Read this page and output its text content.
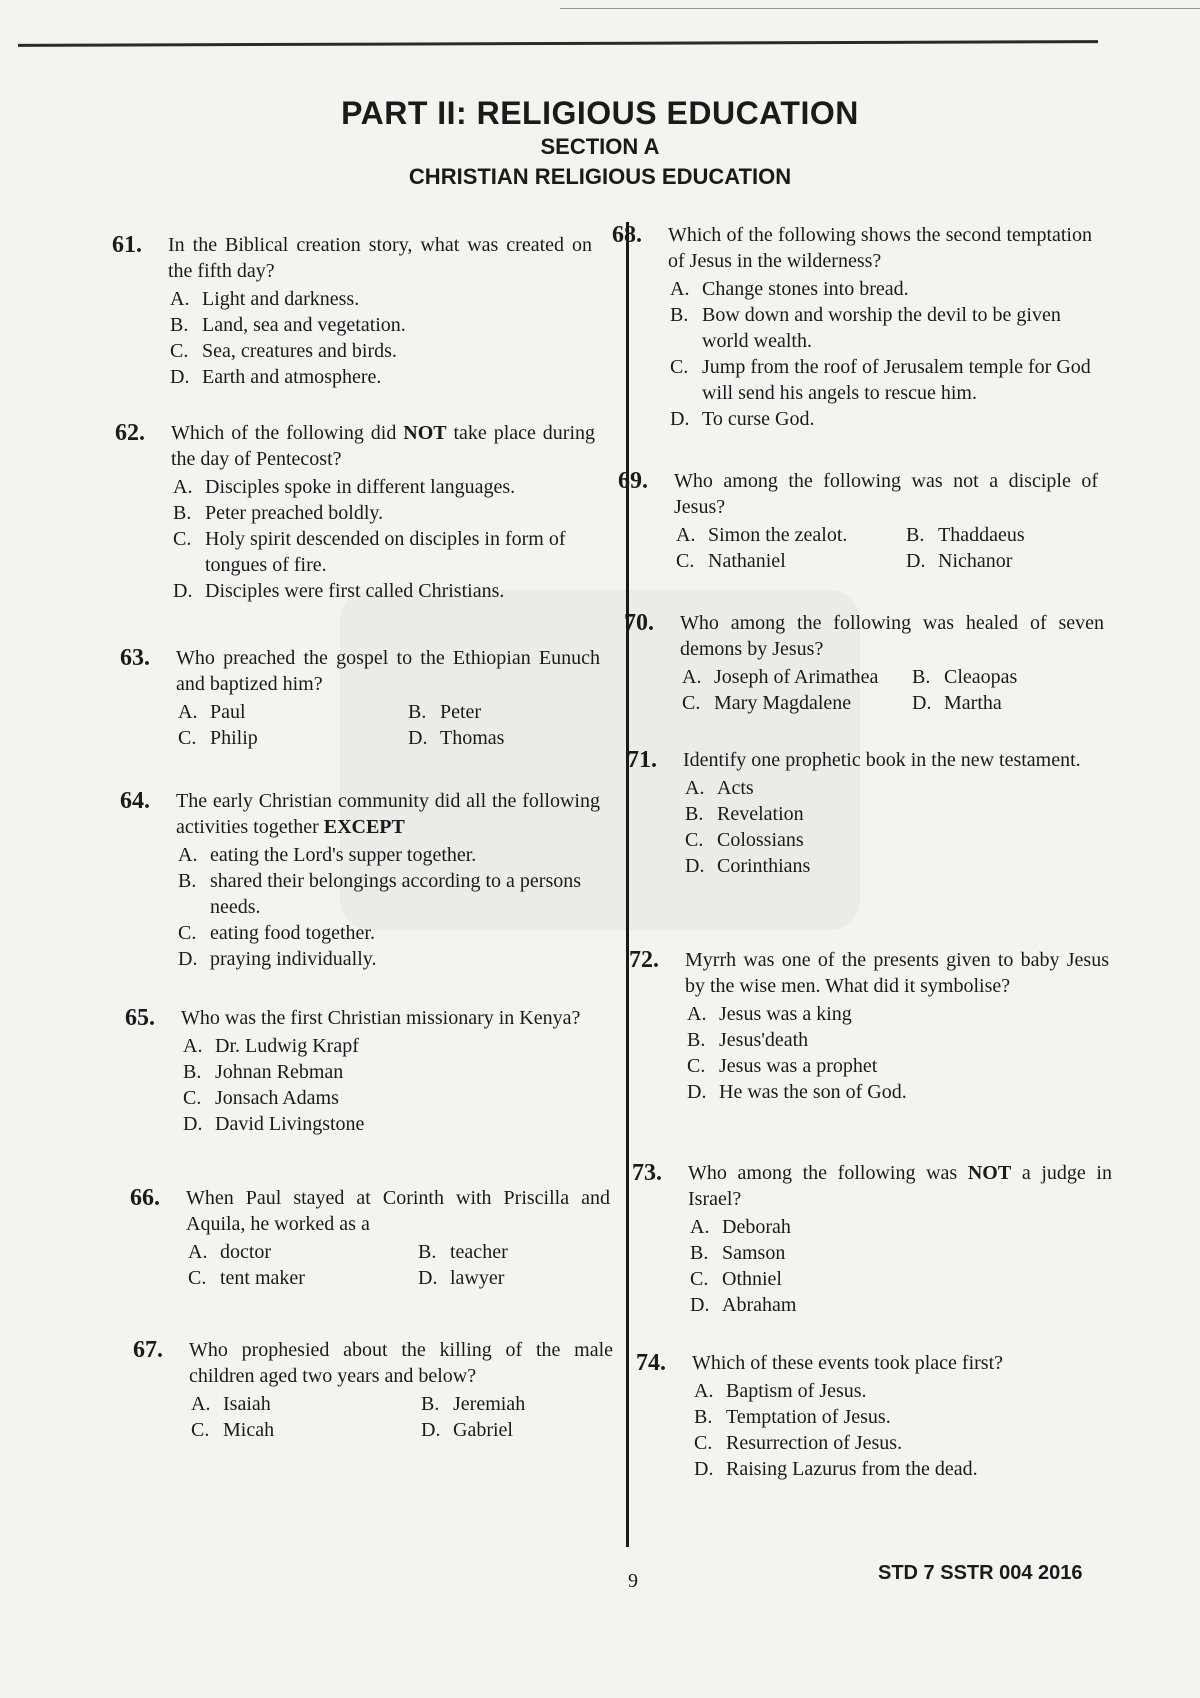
PART II: RELIGIOUS EDUCATION
SECTION A
CHRISTIAN RELIGIOUS EDUCATION
61.	In the Biblical creation story, what was created on the fifth day?
A. Light and darkness.
B. Land, sea and vegetation.
C. Sea, creatures and birds.
D. Earth and atmosphere.
62.	Which of the following did NOT take place during the day of Pentecost?
A. Disciples spoke in different languages.
B. Peter preached boldly.
C. Holy spirit descended on disciples in form of tongues of fire.
D. Disciples were first called Christians.
63.	Who preached the gospel to the Ethiopian Eunuch and baptized him?
A. Paul	B. Peter
C. Philip	D. Thomas
64.	The early Christian community did all the following activities together EXCEPT
A. eating the Lord's supper together.
B. shared their belongings according to a persons needs.
C. eating food together.
D. praying individually.
65.	Who was the first Christian missionary in Kenya?
A. Dr. Ludwig Krapf
B. Johnan Rebman
C. Jonsach Adams
D. David Livingstone
66.	When Paul stayed at Corinth with Priscilla and Aquila, he worked as a
A. doctor	B. teacher
C. tent maker	D. lawyer
67.	Who prophesied about the killing of the male children aged two years and below?
A. Isaiah	B. Jeremiah
C. Micah	D. Gabriel
68.	Which of the following shows the second temptation of Jesus in the wilderness?
A. Change stones into bread.
B. Bow down and worship the devil to be given world wealth.
C. Jump from the roof of Jerusalem temple for God will send his angels to rescue him.
D. To curse God.
69.	Who among the following was not a disciple of Jesus?
A. Simon the zealot.	B. Thaddaeus
C. Nathaniel	D. Nichanor
70.	Who among the following was healed of seven demons by Jesus?
A. Joseph of Arimathea	B. Cleaopas
C. Mary Magdalene	D. Martha
71.	Identify one prophetic book in the new testament.
A. Acts
B. Revelation
C. Colossians
D. Corinthians
72.	Myrrh was one of the presents given to baby Jesus by the wise men. What did it symbolise?
A. Jesus was a king
B. Jesus'death
C. Jesus was a prophet
D. He was the son of God.
73.	Who among the following was NOT a judge in Israel?
A. Deborah
B. Samson
C. Othniel
D. Abraham
74.	Which of these events took place first?
A. Baptism of Jesus.
B. Temptation of Jesus.
C. Resurrection of Jesus.
D. Raising Lazurus from the dead.
9	STD 7 SSTR 004 2016
